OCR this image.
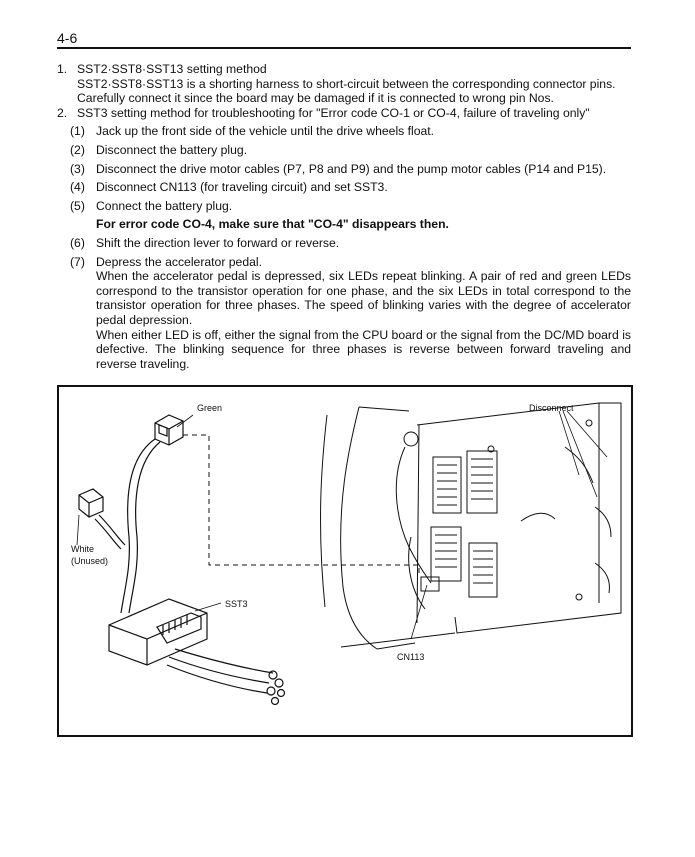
4-6
1. SST2·SST8·SST13 setting method
SST2·SST8·SST13 is a shorting harness to short-circuit between the corresponding connector pins.
Carefully connect it since the board may be damaged if it is connected to wrong pin Nos.
2. SST3 setting method for troubleshooting for "Error code CO-1 or CO-4, failure of traveling only"
(1) Jack up the front side of the vehicle until the drive wheels float.
(2) Disconnect the battery plug.
(3) Disconnect the drive motor cables (P7, P8 and P9) and the pump motor cables (P14 and P15).
(4) Disconnect CN113 (for traveling circuit) and set SST3.
(5) Connect the battery plug.
For error code CO-4, make sure that "CO-4" disappears then.
(6) Shift the direction lever to forward or reverse.
(7) Depress the accelerator pedal.
When the accelerator pedal is depressed, six LEDs repeat blinking. A pair of red and green LEDs correspond to the transistor operation for one phase, and the six LEDs in total correspond to the transistor operation for three phases. The speed of blinking varies with the degree of accelerator pedal depression.
When either LED is off, either the signal from the CPU board or the signal from the DC/MD board is defective. The blinking sequence for three phases is reverse between forward traveling and reverse traveling.
Green
White
(Unused)
SST3
CN113
Disconnect
